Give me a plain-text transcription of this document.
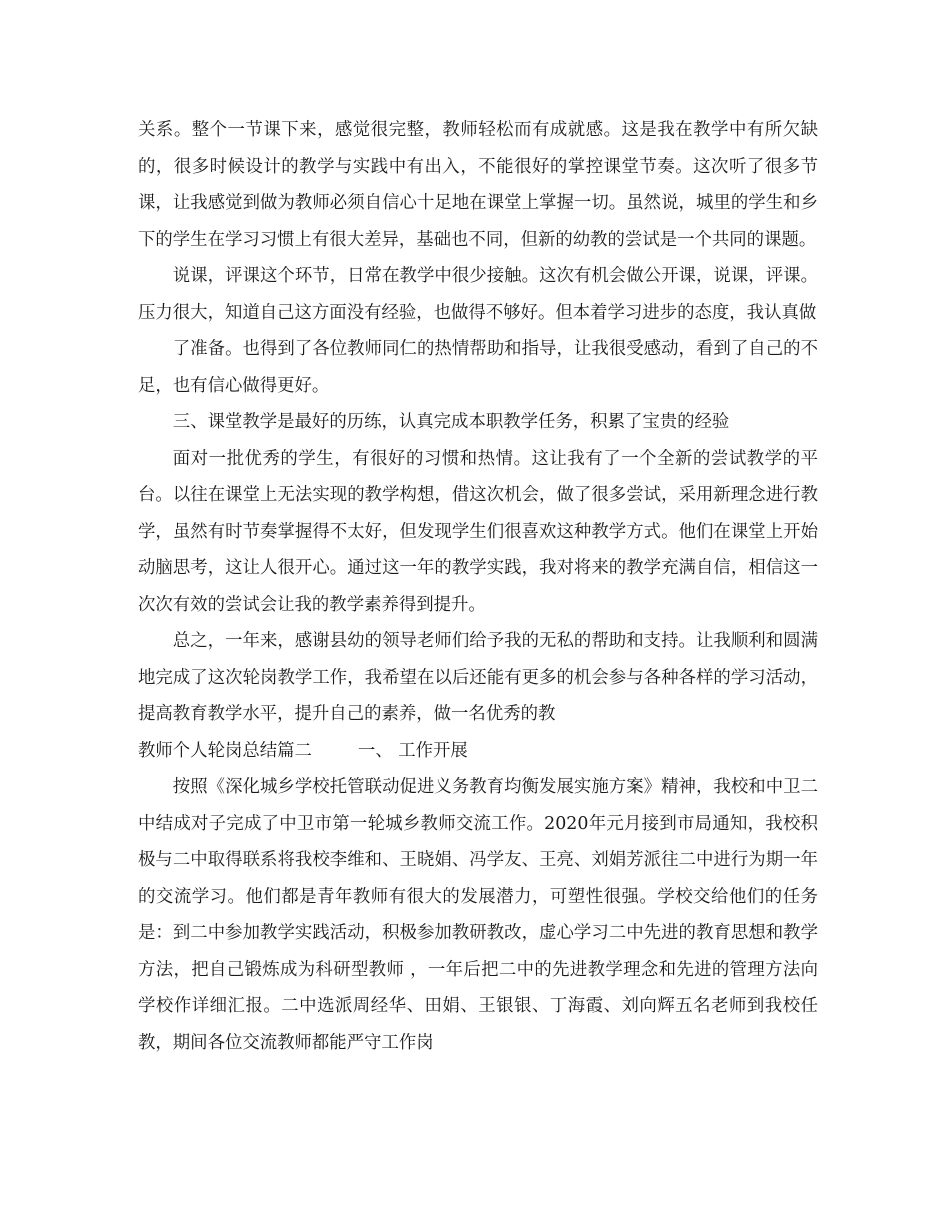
关系。整个一节课下来，感觉很完整，教师轻松而有成就感。这是我在教学中有所欠缺的，很多时候设计的教学与实践中有出入，不能很好的掌控课堂节奏。这次听了很多节课，让我感觉到做为教师必须自信心十足地在课堂上掌握一切。虽然说，城里的学生和乡下的学生在学习习惯上有很大差异，基础也不同，但新的幼教的尝试是一个共同的课题。

说课，评课这个环节，日常在教学中很少接触。这次有机会做公开课，说课，评课。压力很大，知道自己这方面没有经验，也做得不够好。但本着学习进步的态度，我认真做

了准备。也得到了各位教师同仁的热情帮助和指导，让我很受感动，看到了自己的不足，也有信心做得更好。

三、课堂教学是最好的历练，认真完成本职教学任务，积累了宝贵的经验

面对一批优秀的学生，有很好的习惯和热情。这让我有了一个全新的尝试教学的平台。以往在课堂上无法实现的教学构想，借这次机会，做了很多尝试，采用新理念进行教学，虽然有时节奏掌握得不太好，但发现学生们很喜欢这种教学方式。他们在课堂上开始动脑思考，这让人很开心。通过这一年的教学实践，我对将来的教学充满自信，相信这一次次有效的尝试会让我的教学素养得到提升。

总之，一年来，感谢县幼的领导老师们给予我的无私的帮助和支持。让我顺利和圆满地完成了这次轮岗教学工作，我希望在以后还能有更多的机会参与各种各样的学习活动，提高教育教学水平，提升自己的素养，做一名优秀的教

教师个人轮岗总结篇二	一、 工作开展

按照《深化城乡学校托管联动促进义务教育均衡发展实施方案》精神，我校和中卫二中结成对子完成了中卫市第一轮城乡教师交流工作。2020年元月接到市局通知，我校积极与二中取得联系将我校李维和、王晓娟、冯学友、王亮、刘娟芳派往二中进行为期一年的交流学习。他们都是青年教师有很大的发展潜力，可塑性很强。学校交给他们的任务是：到二中参加教学实践活动，积极参加教研教改，虚心学习二中先进的教育思想和教学方法，把自己锻炼成为科研型教师 ，一年后把二中的先进教学理念和先进的管理方法向学校作详细汇报。二中选派周经华、田娟、王银银、丁海霞、刘向辉五名老师到我校任教，期间各位交流教师都能严守工作岗
